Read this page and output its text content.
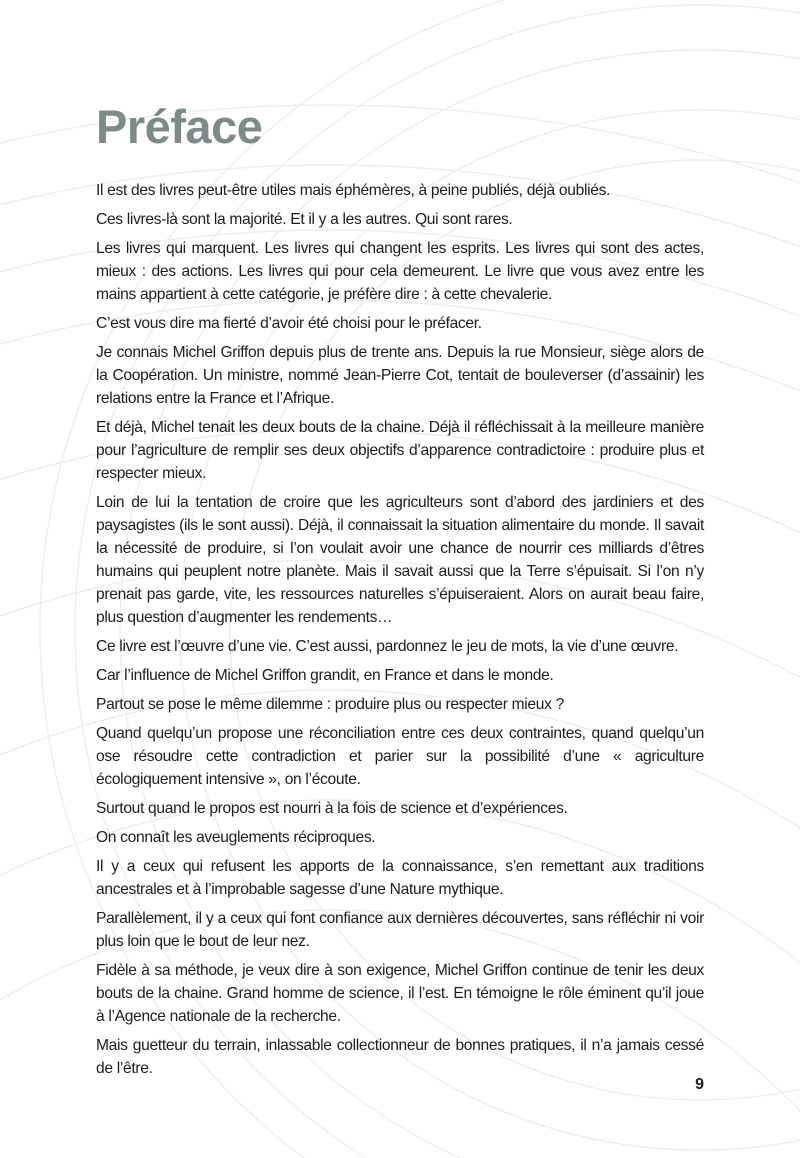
Préface

Il est des livres peut-être utiles mais éphémères, à peine publiés, déjà oubliés.

Ces livres-là sont la majorité. Et il y a les autres. Qui sont rares.

Les livres qui marquent. Les livres qui changent les esprits. Les livres qui sont des actes, mieux : des actions. Les livres qui pour cela demeurent. Le livre que vous avez entre les mains appartient à cette catégorie, je préfère dire : à cette chevalerie.

C’est vous dire ma fierté d’avoir été choisi pour le préfacer.

Je connais Michel Griffon depuis plus de trente ans. Depuis la rue Monsieur, siège alors de la Coopération. Un ministre, nommé Jean-Pierre Cot, tentait de bouleverser (d’assainir) les relations entre la France et l’Afrique.

Et déjà, Michel tenait les deux bouts de la chaine. Déjà il réfléchissait à la meilleure manière pour l’agriculture de remplir ses deux objectifs d’apparence contradictoire : produire plus et respecter mieux.

Loin de lui la tentation de croire que les agriculteurs sont d’abord des jardiniers et des paysagistes (ils le sont aussi). Déjà, il connaissait la situation alimentaire du monde. Il savait la nécessité de produire, si l’on voulait avoir une chance de nourrir ces milliards d’êtres humains qui peuplent notre planète. Mais il savait aussi que la Terre s’épuisait. Si l’on n’y prenait pas garde, vite, les ressources naturelles s’épuiseraient. Alors on aurait beau faire, plus question d’augmenter les rendements…

Ce livre est l’œuvre d’une vie. C’est aussi, pardonnez le jeu de mots, la vie d’une œuvre.

Car l’influence de Michel Griffon grandit, en France et dans le monde.

Partout se pose le même dilemme : produire plus ou respecter mieux ?

Quand quelqu’un propose une réconciliation entre ces deux contraintes, quand quelqu’un ose résoudre cette contradiction et parier sur la possibilité d’une « agriculture écologiquement intensive », on l’écoute.

Surtout quand le propos est nourri à la fois de science et d’expériences.

On connaît les aveuglements réciproques.

Il y a ceux qui refusent les apports de la connaissance, s’en remettant aux traditions ancestrales et à l’improbable sagesse d’une Nature mythique.

Parallèlement, il y a ceux qui font confiance aux dernières découvertes, sans réfléchir ni voir plus loin que le bout de leur nez.

Fidèle à sa méthode, je veux dire à son exigence, Michel Griffon continue de tenir les deux bouts de la chaine. Grand homme de science, il l’est. En témoigne le rôle éminent qu’il joue à l’Agence nationale de la recherche.

Mais guetteur du terrain, inlassable collectionneur de bonnes pratiques, il n’a jamais cessé de l’être.

9
